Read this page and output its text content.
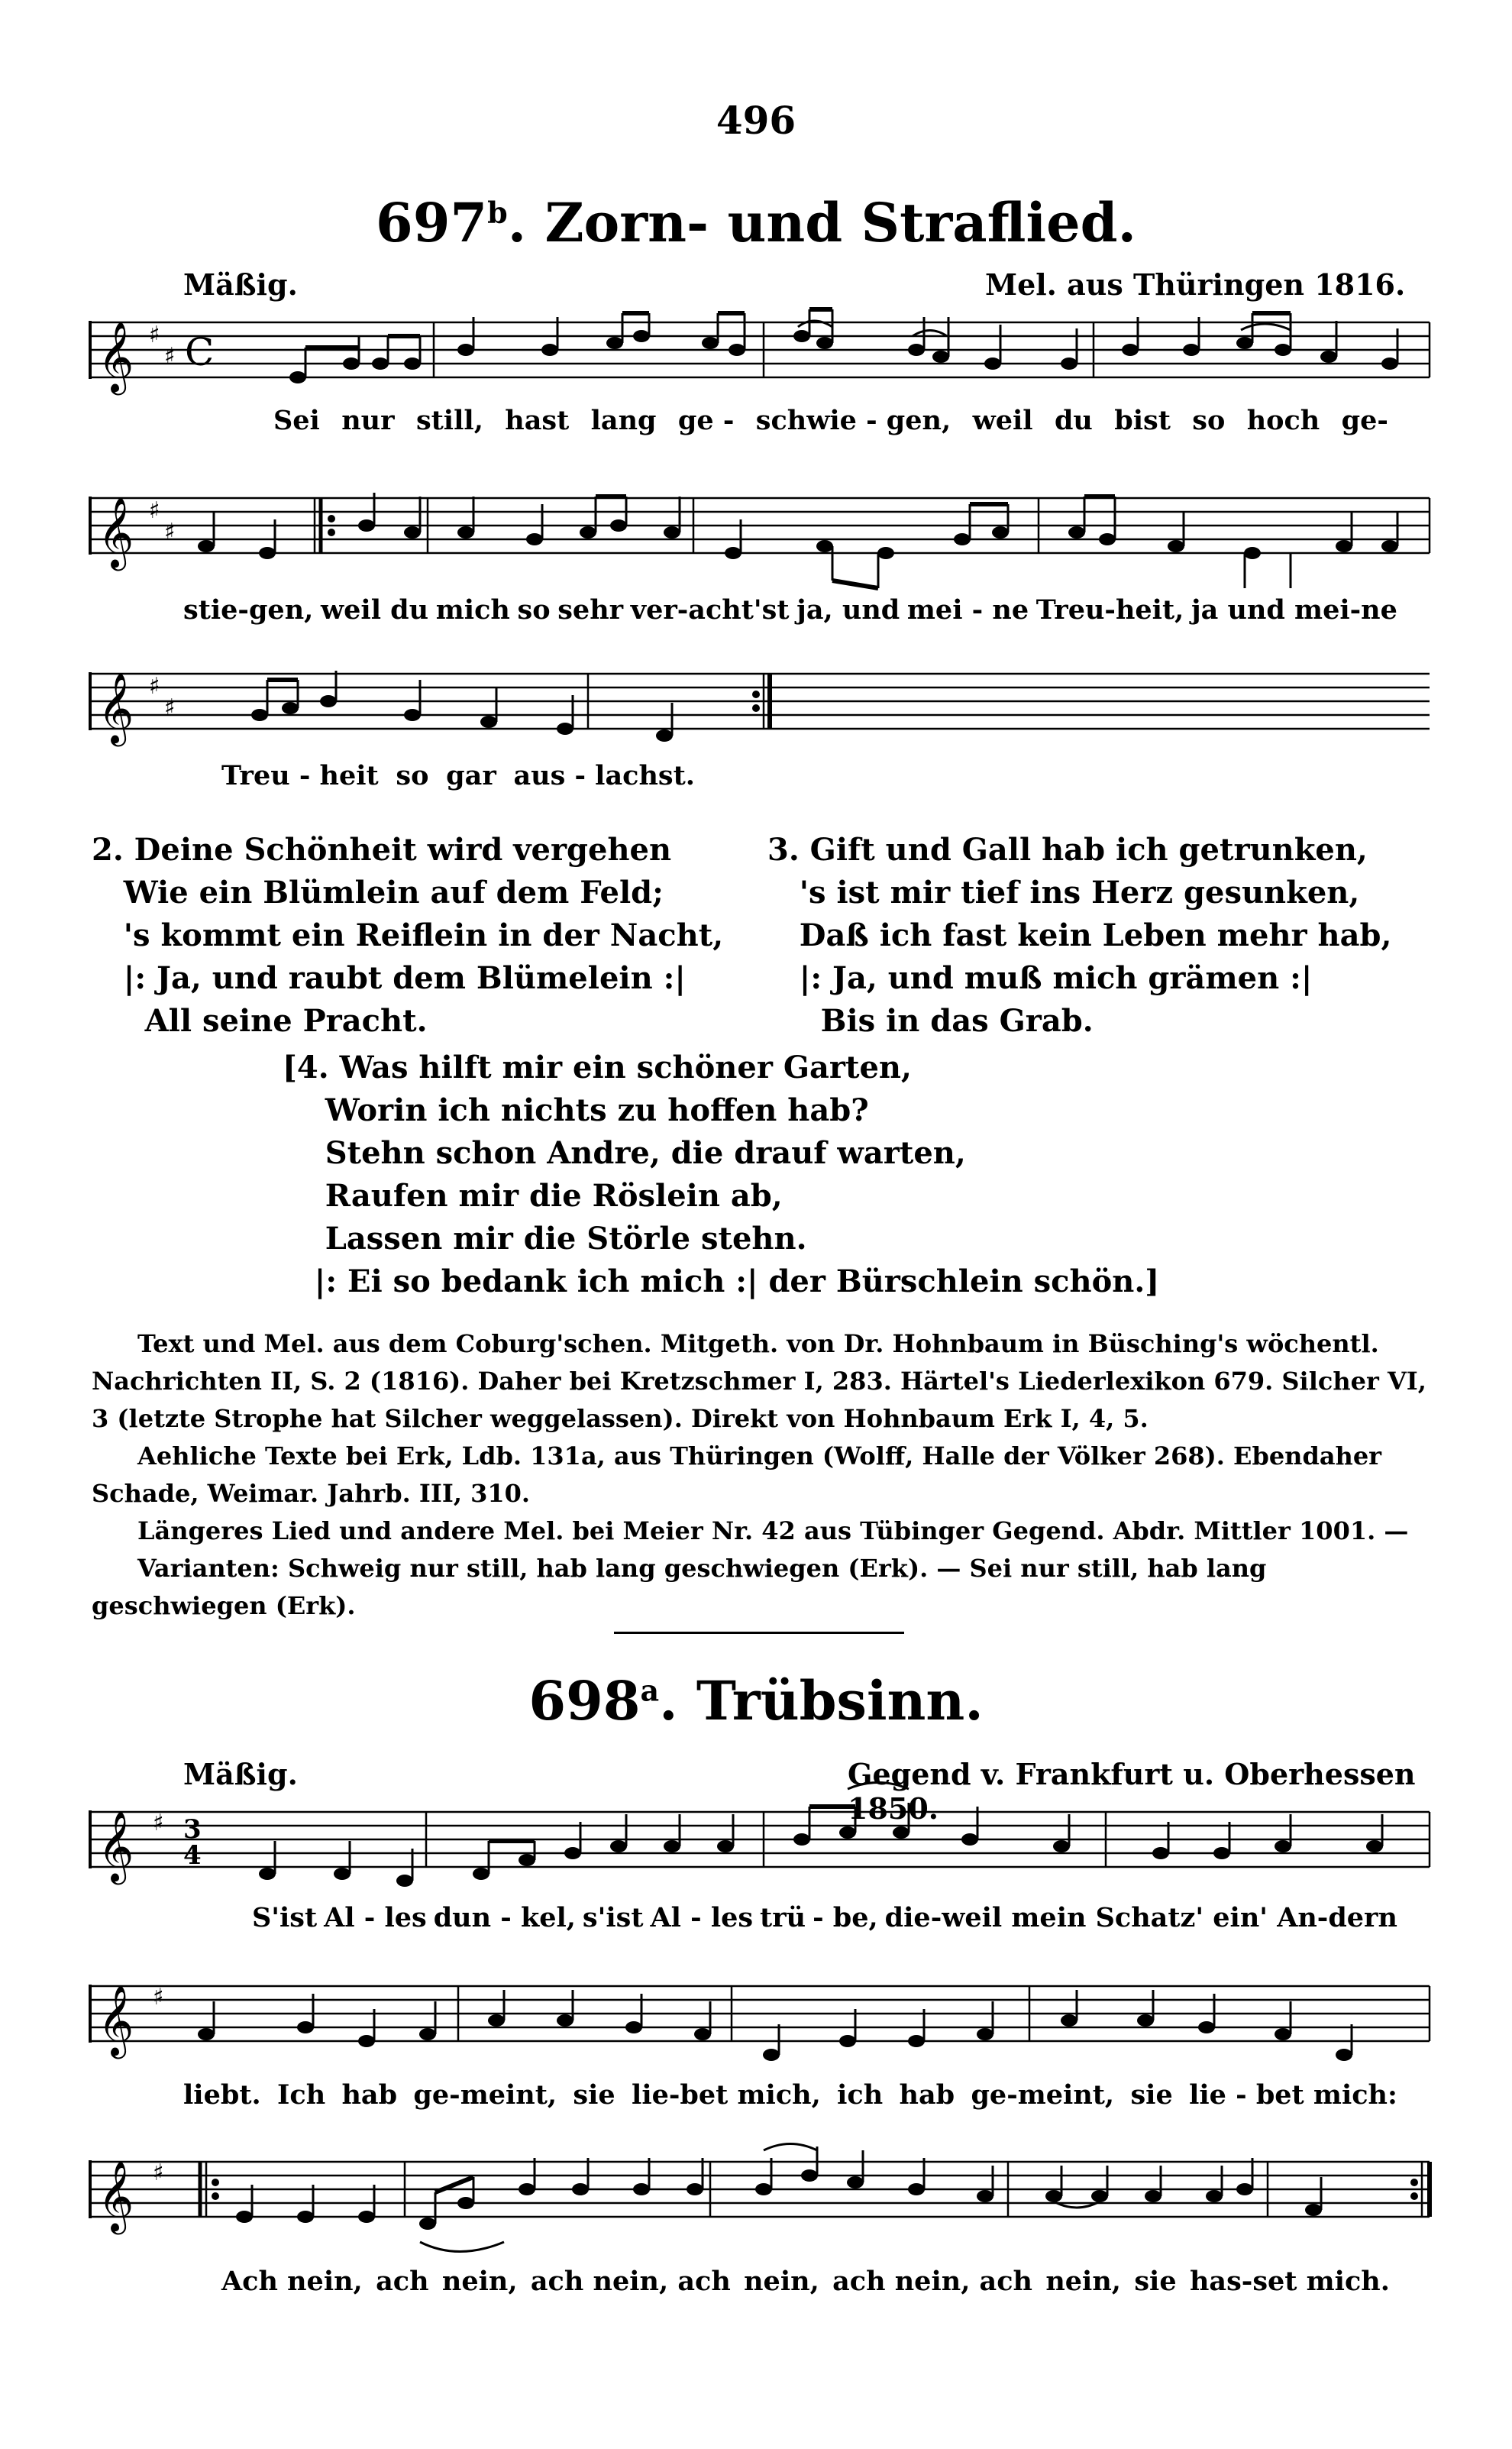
496
697$^b$. Zorn- und Straflied.
Mäßig.	Mel. aus Thüringen 1816.
𝄞 ♯
♯ C
𝄞 ♯
♯
𝄞 ♯
♯
𝄞 ♯ 3
4
𝄞 ♯
𝄞 ♯
Sei nur still, hast lang ge - schwie - gen, weil du bist so hoch ge-
stie-gen, weil du mich so sehr ver-acht'st ja, und mei - ne Treu-heit, ja und mei-ne
Treu - heit so gar aus - lachst.
2. Deine Schönheit wird vergehen
Wie ein Blümlein auf dem Feld;
's kommt ein Reiflein in der Nacht,
|: Ja, und raubt dem Blümelein :|
All seine Pracht.
3. Gift und Gall hab ich getrunken,
's ist mir tief ins Herz gesunken,
Daß ich fast kein Leben mehr hab,
|: Ja, und muß mich grämen :|
Bis in das Grab.
[4. Was hilft mir ein schöner Garten,
Worin ich nichts zu hoffen hab?
Stehn schon Andre, die drauf warten,
Raufen mir die Röslein ab,
Lassen mir die Störle stehn.
|: Ei so bedank ich mich :| der Bürschlein schön.]

Text und Mel. aus dem Coburg'schen. Mitgeth. von Dr. Hohnbaum in Büsching's wöchentl. Nachrichten II, S. 2 (1816). Daher bei Kretzschmer I, 283. Härtel's Liederlexikon 679. Silcher VI, 3 (letzte Strophe hat Silcher weggelassen). Direkt von Hohnbaum Erk I, 4, 5.

Aehliche Texte bei Erk, Ldb. 131a, aus Thüringen (Wolff, Halle der Völker 268). Ebendaher Schade, Weimar. Jahrb. III, 310.

Längeres Lied und andere Mel. bei Meier Nr. 42 aus Tübinger Gegend. Abdr. Mittler 1001. —

Varianten: Schweig nur still, hab lang geschwiegen (Erk). — Sei nur still, hab lang geschwiegen (Erk).

698$^a$. Trübsinn.
Mäßig.	Gegend v. Frankfurt u. Oberhessen 1850.
S'ist Al - les dun - kel, s'ist Al - les trü - be, die-weil mein Schatz' ein' An-dern
liebt. Ich hab ge-meint, sie lie-bet mich, ich hab ge-meint, sie lie - bet mich:
Ach nein, ach nein, ach nein, ach nein, ach nein, ach nein, sie has-set mich.
